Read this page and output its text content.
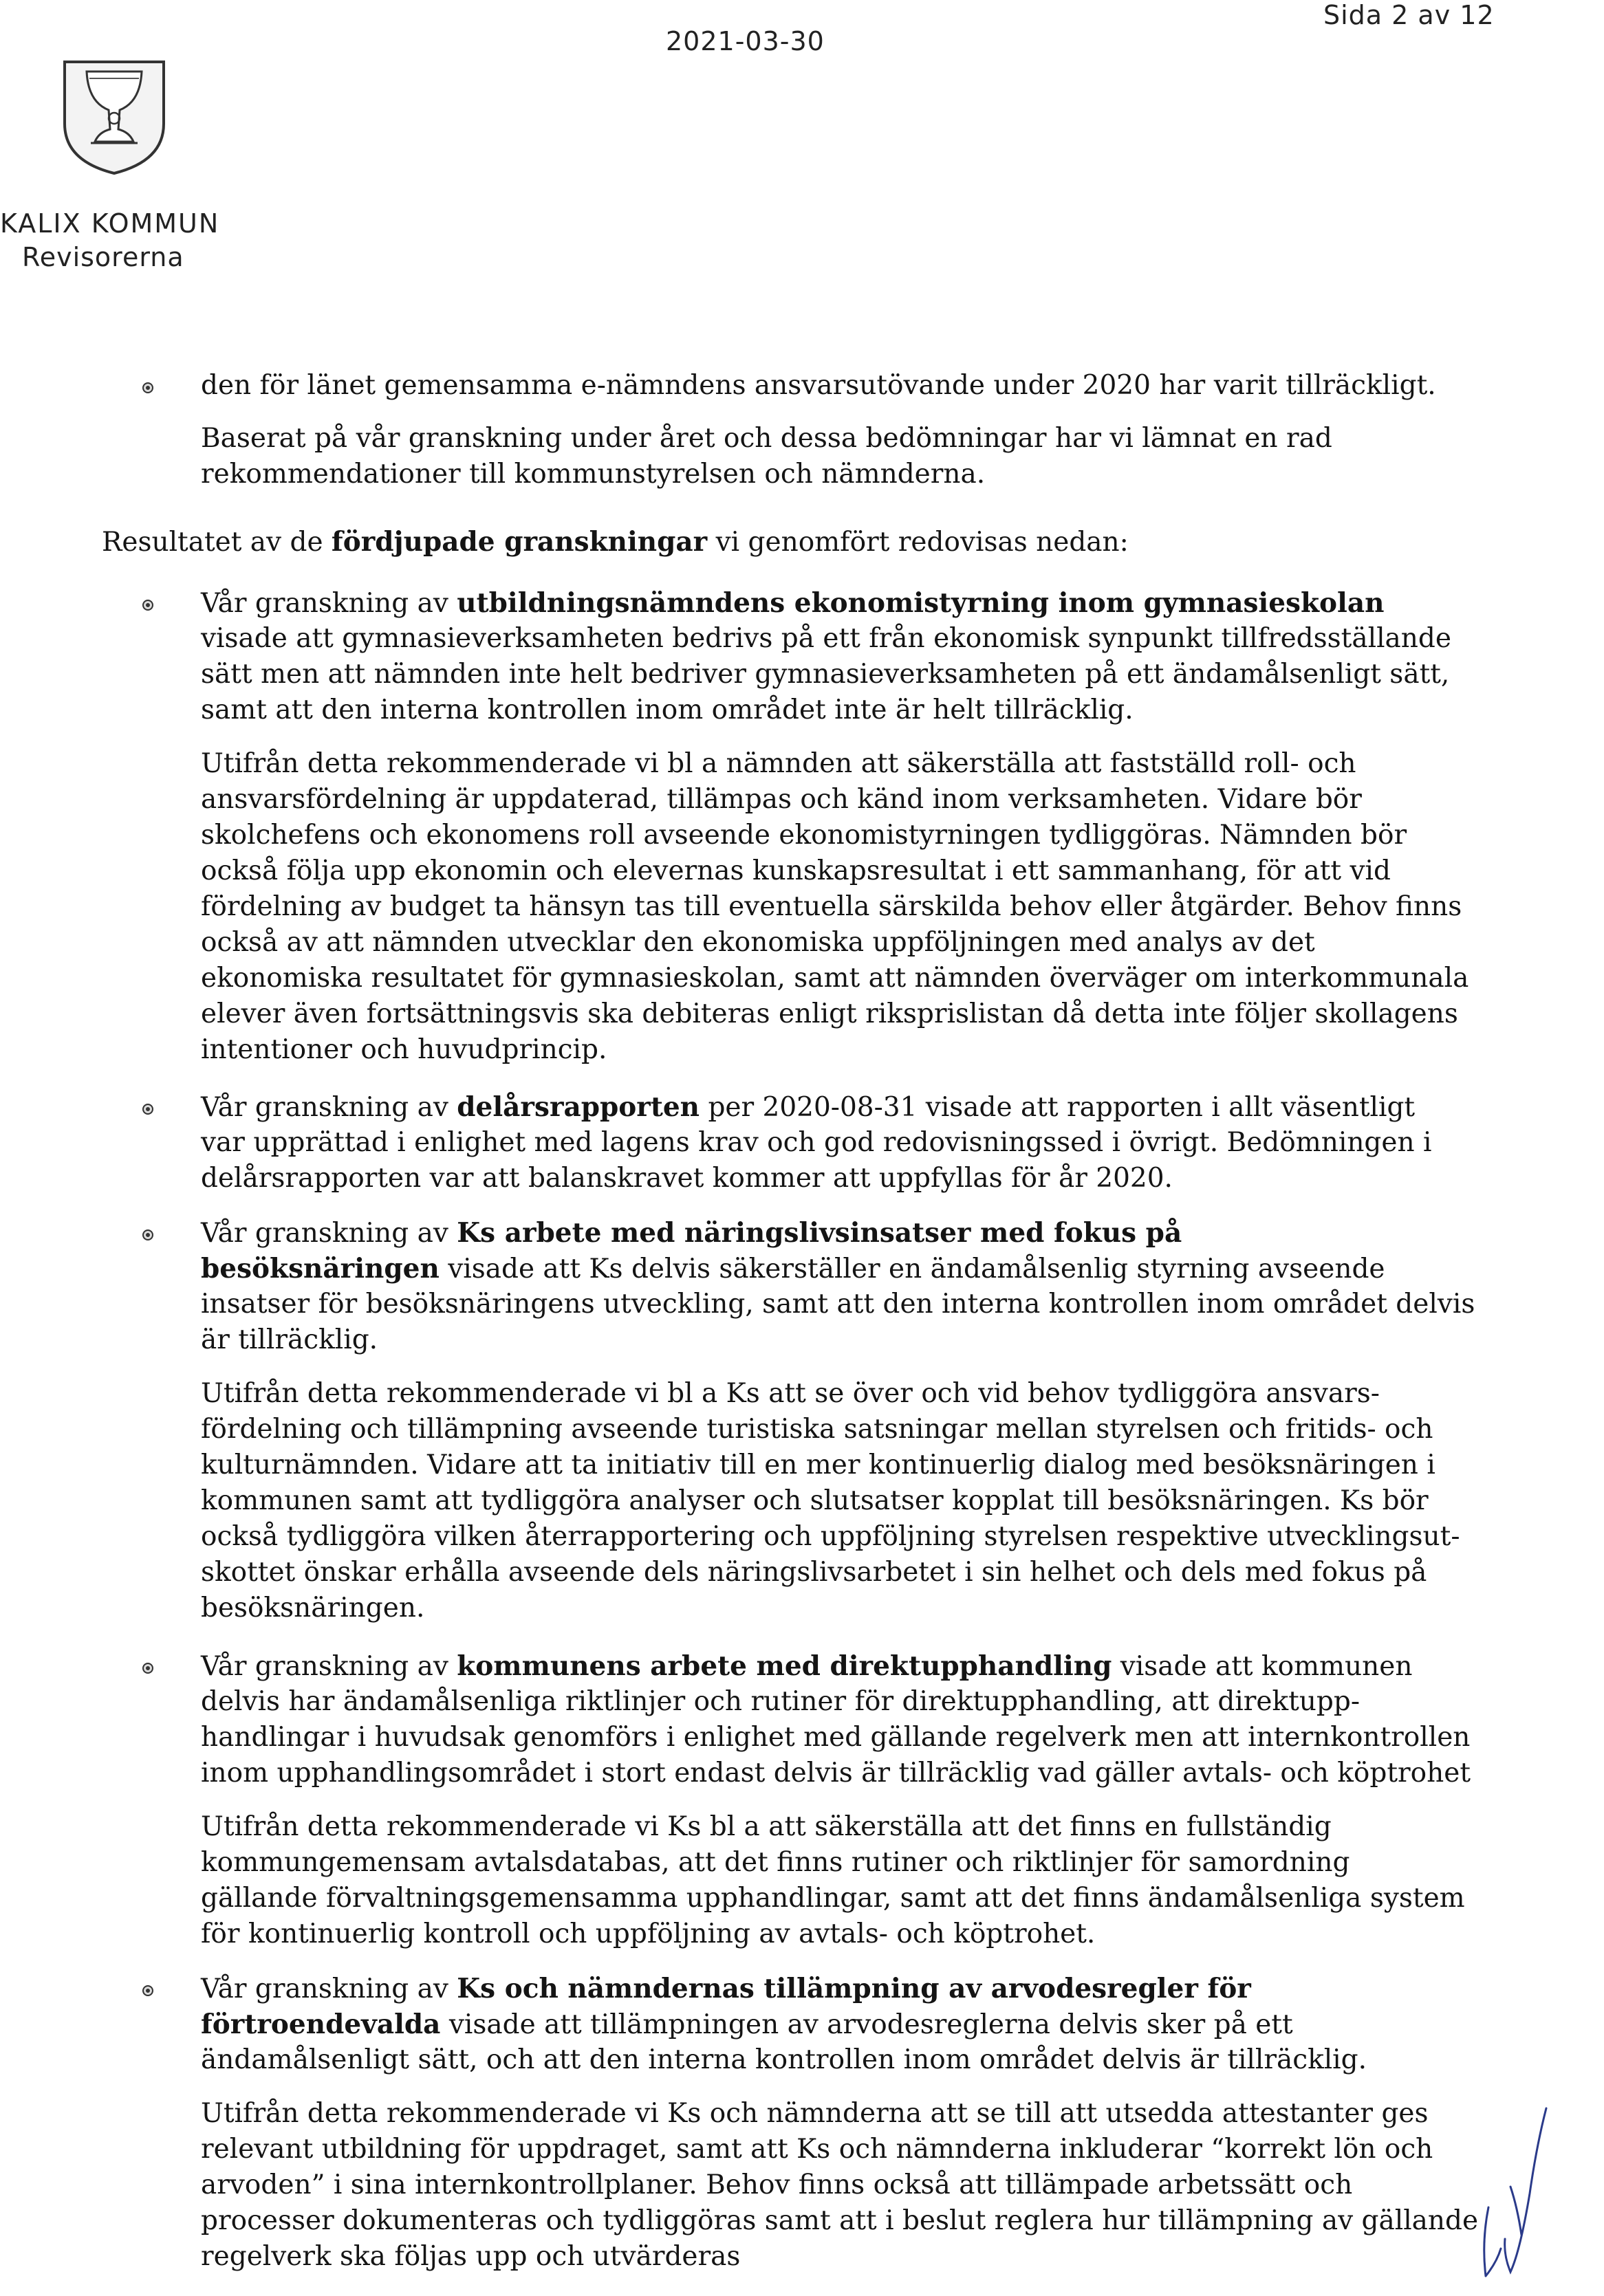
2021-03-30
Sida 2 av 12
KALIX KOMMUN
Revisorerna

den för länet gemensamma e-nämndens ansvarsutövande under 2020 har varit tillräckligt.

Baserat på vår granskning under året och dessa bedömningar har vi lämnat en rad

rekommendationer till kommunstyrelsen och nämnderna.

Resultatet av de fördjupade granskningar vi genomfört redovisas nedan:

Vår granskning av utbildningsnämndens ekonomistyrning inom gymnasieskolan

visade att gymnasieverksamheten bedrivs på ett från ekonomisk synpunkt tillfredsställande

sätt men att nämnden inte helt bedriver gymnasieverksamheten på ett ändamålsenligt sätt,

samt att den interna kontrollen inom området inte är helt tillräcklig.

Utifrån detta rekommenderade vi bl a nämnden att säkerställa att fastställd roll- och

ansvarsfördelning är uppdaterad, tillämpas och känd inom verksamheten. Vidare bör

skolchefens och ekonomens roll avseende ekonomistyrningen tydliggöras. Nämnden bör

också följa upp ekonomin och elevernas kunskapsresultat i ett sammanhang, för att vid

fördelning av budget ta hänsyn tas till eventuella särskilda behov eller åtgärder. Behov finns

också av att nämnden utvecklar den ekonomiska uppföljningen med analys av det

ekonomiska resultatet för gymnasieskolan, samt att nämnden överväger om interkommunala

elever även fortsättningsvis ska debiteras enligt riksprislistan då detta inte följer skollagens

intentioner och huvudprincip.

Vår granskning av delårsrapporten per 2020-08-31 visade att rapporten i allt väsentligt

var upprättad i enlighet med lagens krav och god redovisningssed i övrigt. Bedömningen i

delårsrapporten var att balanskravet kommer att uppfyllas för år 2020.

Vår granskning av Ks arbete med näringslivsinsatser med fokus på

besöksnäringen visade att Ks delvis säkerställer en ändamålsenlig styrning avseende

insatser för besöksnäringens utveckling, samt att den interna kontrollen inom området delvis

är tillräcklig.

Utifrån detta rekommenderade vi bl a Ks att se över och vid behov tydliggöra ansvars-

fördelning och tillämpning avseende turistiska satsningar mellan styrelsen och fritids- och

kulturnämnden. Vidare att ta initiativ till en mer kontinuerlig dialog med besöksnäringen i

kommunen samt att tydliggöra analyser och slutsatser kopplat till besöksnäringen. Ks bör

också tydliggöra vilken återrapportering och uppföljning styrelsen respektive utvecklingsut-

skottet önskar erhålla avseende dels näringslivsarbetet i sin helhet och dels med fokus på

besöksnäringen.

Vår granskning av kommunens arbete med direktupphandling visade att kommunen

delvis har ändamålsenliga riktlinjer och rutiner för direktupphandling, att direktupp-

handlingar i huvudsak genomförs i enlighet med gällande regelverk men att internkontrollen

inom upphandlingsområdet i stort endast delvis är tillräcklig vad gäller avtals- och köptrohet

Utifrån detta rekommenderade vi Ks bl a att säkerställa att det finns en fullständig

kommungemensam avtalsdatabas, att det finns rutiner och riktlinjer för samordning

gällande förvaltningsgemensamma upphandlingar, samt att det finns ändamålsenliga system

för kontinuerlig kontroll och uppföljning av avtals- och köptrohet.

Vår granskning av Ks och nämndernas tillämpning av arvodesregler för

förtroendevalda visade att tillämpningen av arvodesreglerna delvis sker på ett

ändamålsenligt sätt, och att den interna kontrollen inom området delvis är tillräcklig.

Utifrån detta rekommenderade vi Ks och nämnderna att se till att utsedda attestanter ges

relevant utbildning för uppdraget, samt att Ks och nämnderna inkluderar “korrekt lön och

arvoden” i sina internkontrollplaner. Behov finns också att tillämpade arbetssätt och

processer dokumenteras och tydliggöras samt att i beslut reglera hur tillämpning av gällande

regelverk ska följas upp och utvärderas
